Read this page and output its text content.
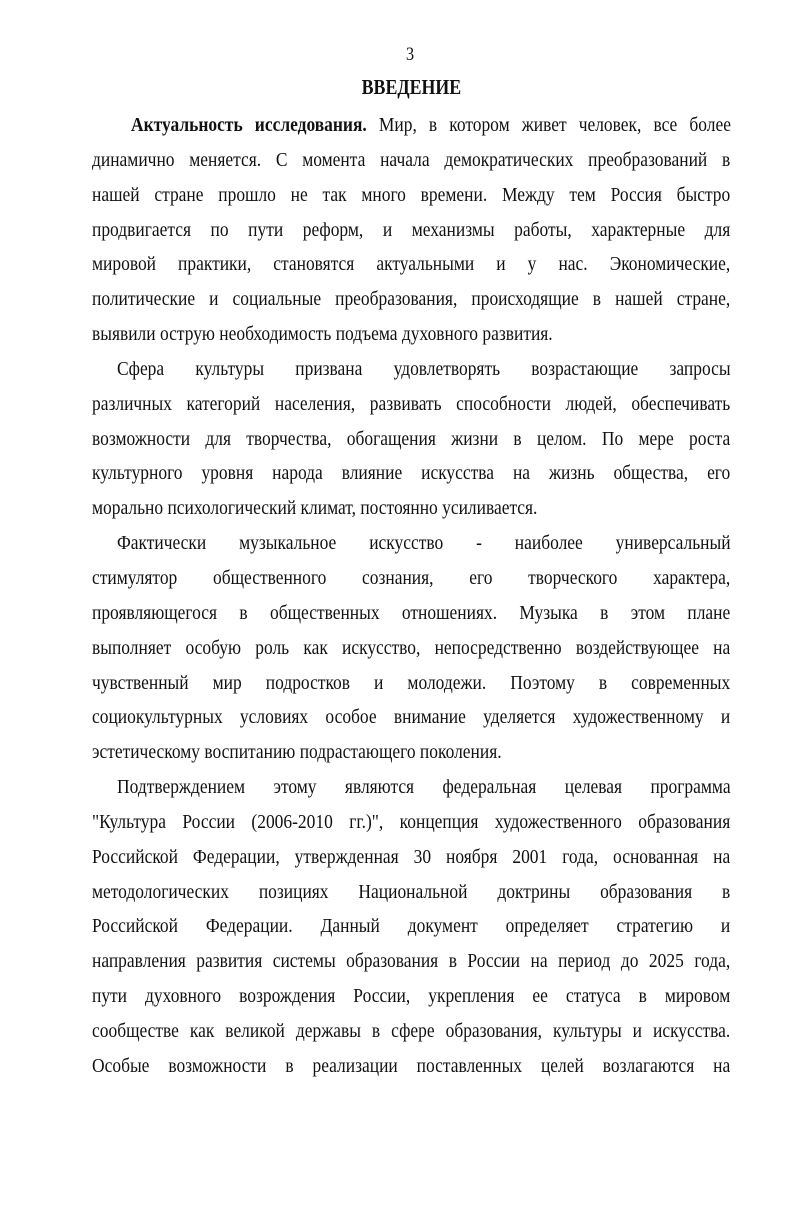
3
ВВЕДЕНИЕ
Актуальность исследования. Мир, в котором живет человек, все более
динамично меняется. С момента начала демократических преобразований в
нашей стране прошло не так много времени. Между тем Россия быстро
продвигается по пути реформ, и механизмы работы, характерные для
мировой практики, становятся актуальными и у нас. Экономические,
политические и социальные преобразования, происходящие в нашей стране,
выявили острую необходимость подъема духовного развития.
Сфера культуры призвана удовлетворять возрастающие запросы
различных категорий населения, развивать способности людей, обеспечивать
возможности для творчества, обогащения жизни в целом. По мере роста
культурного уровня народа влияние искусства на жизнь общества, его
морально психологический климат, постоянно усиливается.
Фактически музыкальное искусство - наиболее универсальный
стимулятор общественного сознания, его творческого характера,
проявляющегося в общественных отношениях. Музыка в этом плане
выполняет особую роль как искусство, непосредственно воздействующее на
чувственный мир подростков и молодежи. Поэтому в современных
социокультурных условиях особое внимание уделяется художественному и
эстетическому воспитанию подрастающего поколения.
Подтверждением этому являются федеральная целевая программа
"Культура России (2006-2010 гг.)", концепция художественного образования
Российской Федерации, утвержденная 30 ноября 2001 года, основанная на
методологических позициях Национальной доктрины образования в
Российской Федерации. Данный документ определяет стратегию и
направления развития системы образования в России на период до 2025 года,
пути духовного возрождения России, укрепления ее статуса в мировом
сообществе как великой державы в сфере образования, культуры и искусства.
Особые возможности в реализации поставленных целей возлагаются на
